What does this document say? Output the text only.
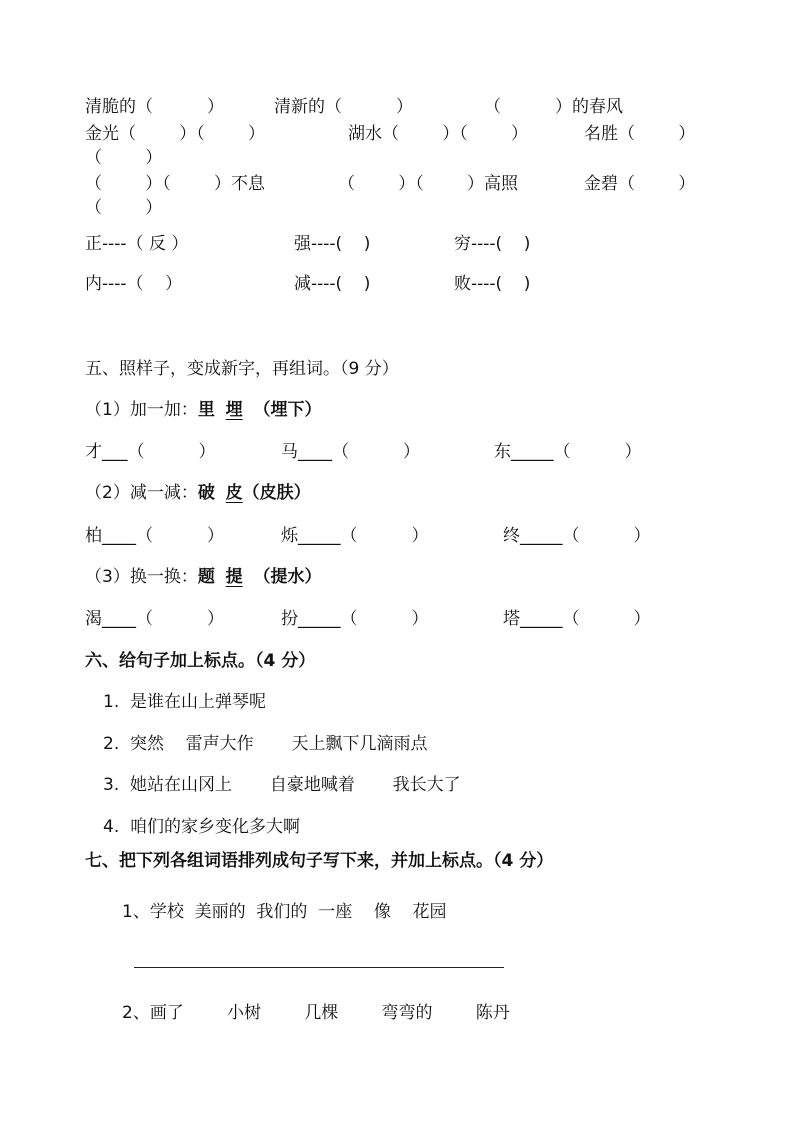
清脆的（          ）	清新的（          ）	（          ）的春风
金光（        ）（        ）	湖水（        ）（        ）	名胜（        ）
（        ）
（        ）（        ）不息	（        ）（        ）高照	金碧（        ）
（        ）
正----（ 反 ）	强----(    )	穷----(    )
内----（    ）	减----(    )	败----(    )
五、照样子，变成新字，再组词。（9 分）
（1）加一加：里 埋 （埋下）
才___（          ）	马____（          ）	东_____（          ）
（2）减一减：破 皮（皮肤）
柏____（          ）	烁_____（          ）	终_____（          ）
（3）换一换：题 提 （提水）
渴____（          ）	扮_____（          ）	塔_____（          ）
六、给句子加上标点。（4 分）
1.  是谁在山上弹琴呢
2.  突然    雷声大作       天上飘下几滴雨点
3.  她站在山冈上       自豪地喊着       我长大了
4.  咱们的家乡变化多大啊
七、把下列各组词语排列成句子写下来，并加上标点。（4 分）
1、学校  美丽的  我们的  一座    像    花园
2、画了        小树        几棵        弯弯的        陈丹
